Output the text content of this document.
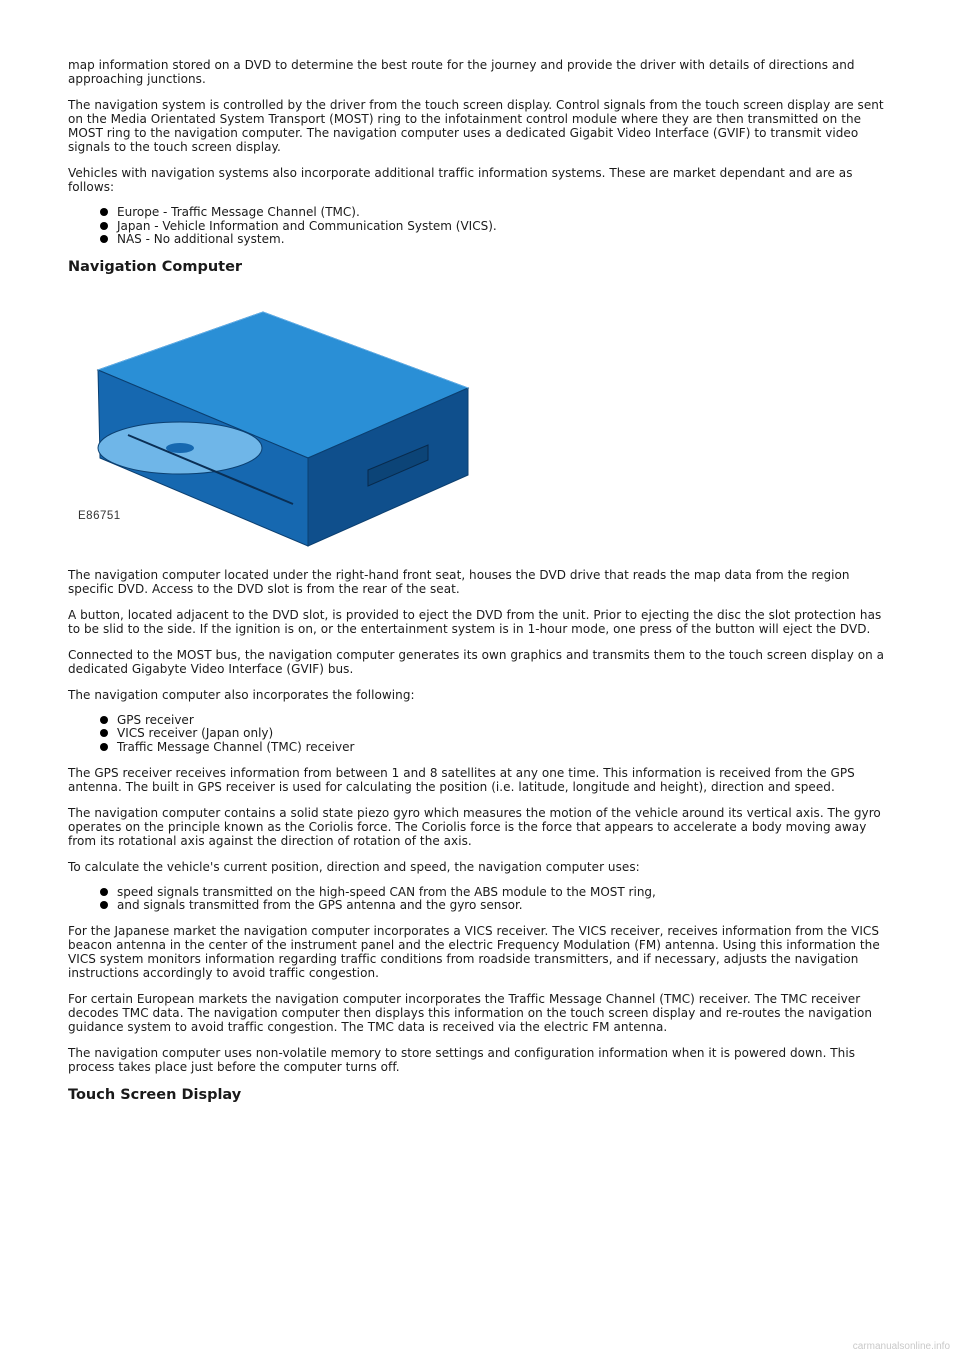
map information stored on a DVD to determine the best route for the journey and provide the driver with details of directions and approaching junctions.

The navigation system is controlled by the driver from the touch screen display. Control signals from the touch screen display are sent on the Media Orientated System Transport (MOST) ring to the infotainment control module where they are then transmitted on the MOST ring to the navigation computer. The navigation computer uses a dedicated Gigabit Video Interface (GVIF) to transmit video signals to the touch screen display.

Vehicles with navigation systems also incorporate additional traffic information systems. These are market dependant and are as follows:

Europe - Traffic Message Channel (TMC).
Japan - Vehicle Information and Communication System (VICS).
NAS - No additional system.
Navigation Computer
E86751

The navigation computer located under the right-hand front seat, houses the DVD drive that reads the map data from the region specific DVD. Access to the DVD slot is from the rear of the seat.

A button, located adjacent to the DVD slot, is provided to eject the DVD from the unit. Prior to ejecting the disc the slot protection has to be slid to the side. If the ignition is on, or the entertainment system is in 1-hour mode, one press of the button will eject the DVD.

Connected to the MOST bus, the navigation computer generates its own graphics and transmits them to the touch screen display on a dedicated Gigabyte Video Interface (GVIF) bus.

The navigation computer also incorporates the following:

GPS receiver
VICS receiver (Japan only)
Traffic Message Channel (TMC) receiver

The GPS receiver receives information from between 1 and 8 satellites at any one time. This information is received from the GPS antenna. The built in GPS receiver is used for calculating the position (i.e. latitude, longitude and height), direction and speed.

The navigation computer contains a solid state piezo gyro which measures the motion of the vehicle around its vertical axis. The gyro operates on the principle known as the Coriolis force. The Coriolis force is the force that appears to accelerate a body moving away from its rotational axis against the direction of rotation of the axis.

To calculate the vehicle's current position, direction and speed, the navigation computer uses:

speed signals transmitted on the high-speed CAN from the ABS module to the MOST ring,
and signals transmitted from the GPS antenna and the gyro sensor.

For the Japanese market the navigation computer incorporates a VICS receiver. The VICS receiver, receives information from the VICS beacon antenna in the center of the instrument panel and the electric Frequency Modulation (FM) antenna. Using this information the VICS system monitors information regarding traffic conditions from roadside transmitters, and if necessary, adjusts the navigation instructions accordingly to avoid traffic congestion.

For certain European markets the navigation computer incorporates the Traffic Message Channel (TMC) receiver. The TMC receiver decodes TMC data. The navigation computer then displays this information on the touch screen display and re-routes the navigation guidance system to avoid traffic congestion. The TMC data is received via the electric FM antenna.

The navigation computer uses non-volatile memory to store settings and configuration information when it is powered down. This process takes place just before the computer turns off.

Touch Screen Display
carmanualsonline.info
